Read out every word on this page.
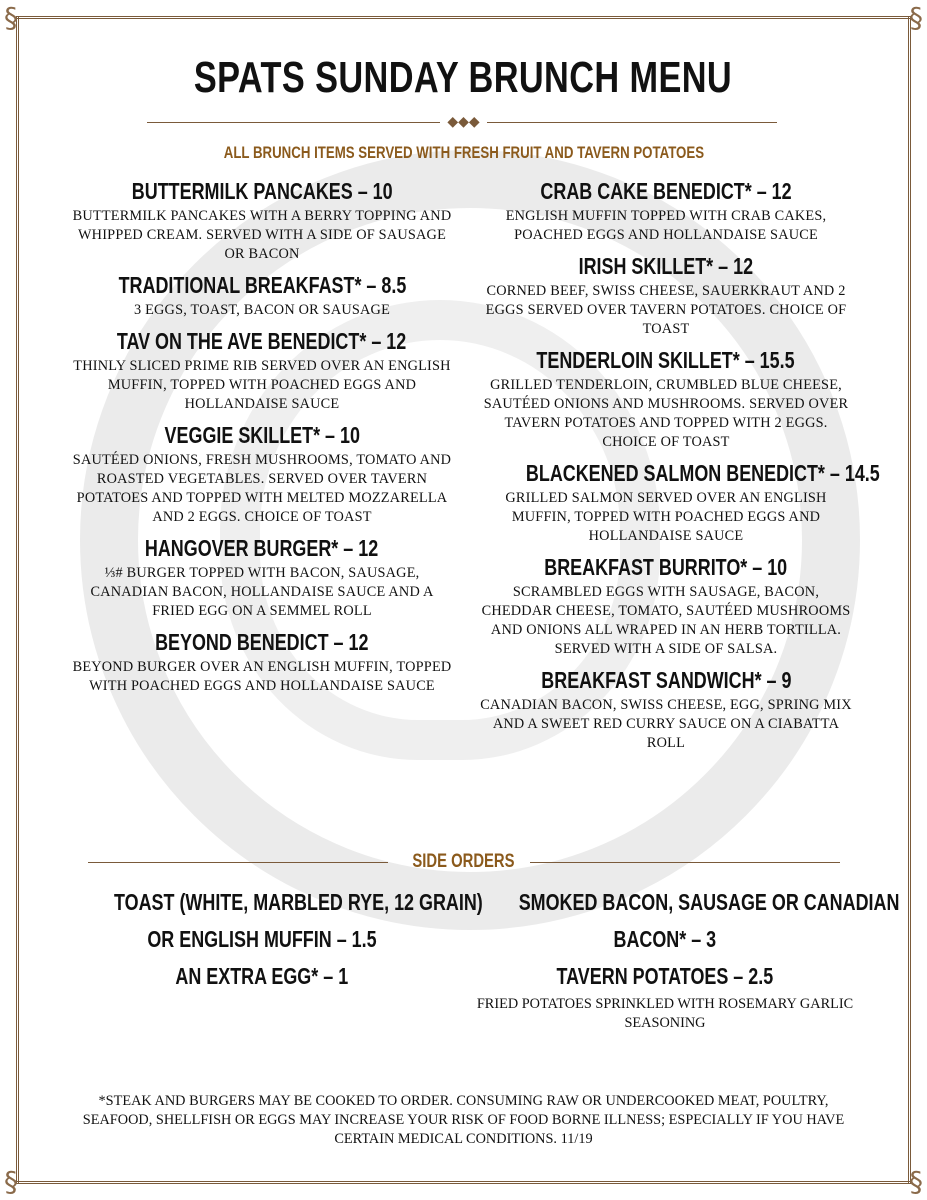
§	§
§	§
SPATS SUNDAY BRUNCH MENU
◆◆◆
ALL BRUNCH ITEMS SERVED WITH FRESH FRUIT AND TAVERN POTATOES
BUTTERMILK PANCAKES – 10
BUTTERMILK PANCAKES WITH A BERRY TOPPING AND WHIPPED CREAM. SERVED WITH A SIDE OF SAUSAGE OR BACON
TRADITIONAL BREAKFAST* – 8.5
3 EGGS, TOAST, BACON OR SAUSAGE
TAV ON THE AVE BENEDICT* – 12
THINLY SLICED PRIME RIB SERVED OVER AN ENGLISH MUFFIN, TOPPED WITH POACHED EGGS AND HOLLANDAISE SAUCE
VEGGIE SKILLET* – 10
SAUTÉED ONIONS, FRESH MUSHROOMS, TOMATO AND ROASTED VEGETABLES. SERVED OVER TAVERN POTATOES AND TOPPED WITH MELTED MOZZARELLA AND 2 EGGS. CHOICE OF TOAST
HANGOVER BURGER* – 12
⅓# BURGER TOPPED WITH BACON, SAUSAGE, CANADIAN BACON, HOLLANDAISE SAUCE AND A FRIED EGG ON A SEMMEL ROLL
BEYOND BENEDICT – 12
BEYOND BURGER OVER AN ENGLISH MUFFIN, TOPPED WITH POACHED EGGS AND HOLLANDAISE SAUCE
CRAB CAKE BENEDICT* – 12
ENGLISH MUFFIN TOPPED WITH CRAB CAKES, POACHED EGGS AND HOLLANDAISE SAUCE
IRISH SKILLET* – 12
CORNED BEEF, SWISS CHEESE, SAUERKRAUT AND 2 EGGS SERVED OVER TAVERN POTATOES. CHOICE OF TOAST
TENDERLOIN SKILLET* – 15.5
GRILLED TENDERLOIN, CRUMBLED BLUE CHEESE, SAUTÉED ONIONS AND MUSHROOMS. SERVED OVER TAVERN POTATOES AND TOPPED WITH 2 EGGS. CHOICE OF TOAST
BLACKENED SALMON BENEDICT* – 14.5
GRILLED SALMON SERVED OVER AN ENGLISH MUFFIN, TOPPED WITH POACHED EGGS AND HOLLANDAISE SAUCE
BREAKFAST BURRITO* – 10
SCRAMBLED EGGS WITH SAUSAGE, BACON, CHEDDAR CHEESE, TOMATO, SAUTÉED MUSHROOMS AND ONIONS ALL WRAPED IN AN HERB TORTILLA. SERVED WITH A SIDE OF SALSA.
BREAKFAST SANDWICH* – 9
CANADIAN BACON, SWISS CHEESE, EGG, SPRING MIX AND A SWEET RED CURRY SAUCE ON A CIABATTA ROLL
SIDE ORDERS
TOAST (WHITE, MARBLED RYE, 12 GRAIN)
OR ENGLISH MUFFIN – 1.5
AN EXTRA EGG* – 1
SMOKED BACON, SAUSAGE OR CANADIAN
BACON* – 3
TAVERN POTATOES – 2.5
FRIED POTATOES SPRINKLED WITH ROSEMARY GARLIC SEASONING
*STEAK AND BURGERS MAY BE COOKED TO ORDER. CONSUMING RAW OR UNDERCOOKED MEAT, POULTRY, SEAFOOD, SHELLFISH OR EGGS MAY INCREASE YOUR RISK OF FOOD BORNE ILLNESS; ESPECIALLY IF YOU HAVE CERTAIN MEDICAL CONDITIONS. 11/19
